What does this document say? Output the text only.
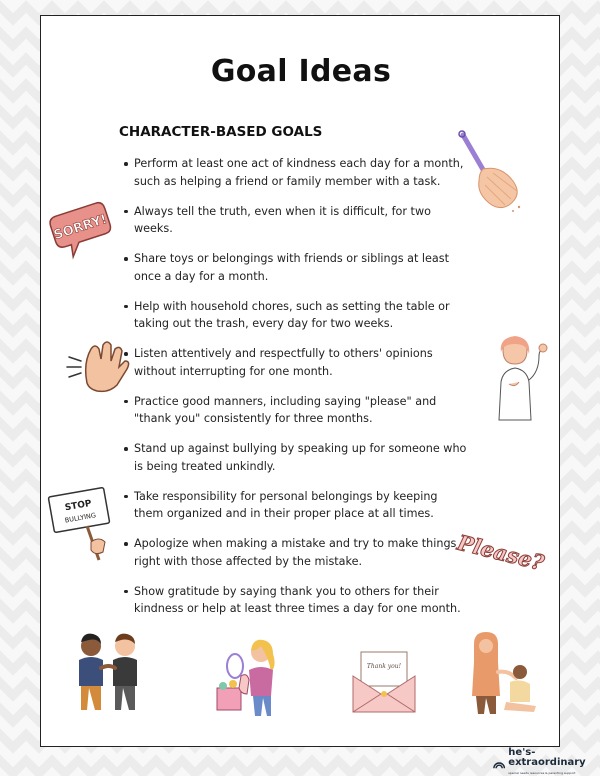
Goal Ideas
CHARACTER-BASED GOALS
Perform at least one act of kindness each day for a month, such as helping a friend or family member with a task.
Always tell the truth, even when it is difficult, for two weeks.
Share toys or belongings with friends or siblings at least once a day for a month.
Help with household chores, such as setting the table or taking out the trash, every day for two weeks.
Listen attentively and respectfully to others' opinions without interrupting for one month.
Practice good manners, including saying "please" and "thank you" consistently for three months.
Stand up against bullying by speaking up for someone who is being treated unkindly.
Take responsibility for personal belongings by keeping them organized and in their proper place at all times.
Apologize when making a mistake and try to make things right with those affected by the mistake.
Show gratitude by saying thank you to others for their kindness or help at least three times a day for one month.
SORRY!
STOP
BULLYING
Please?
Thank you!
he's-extraordinary
special needs resources & parenting support
